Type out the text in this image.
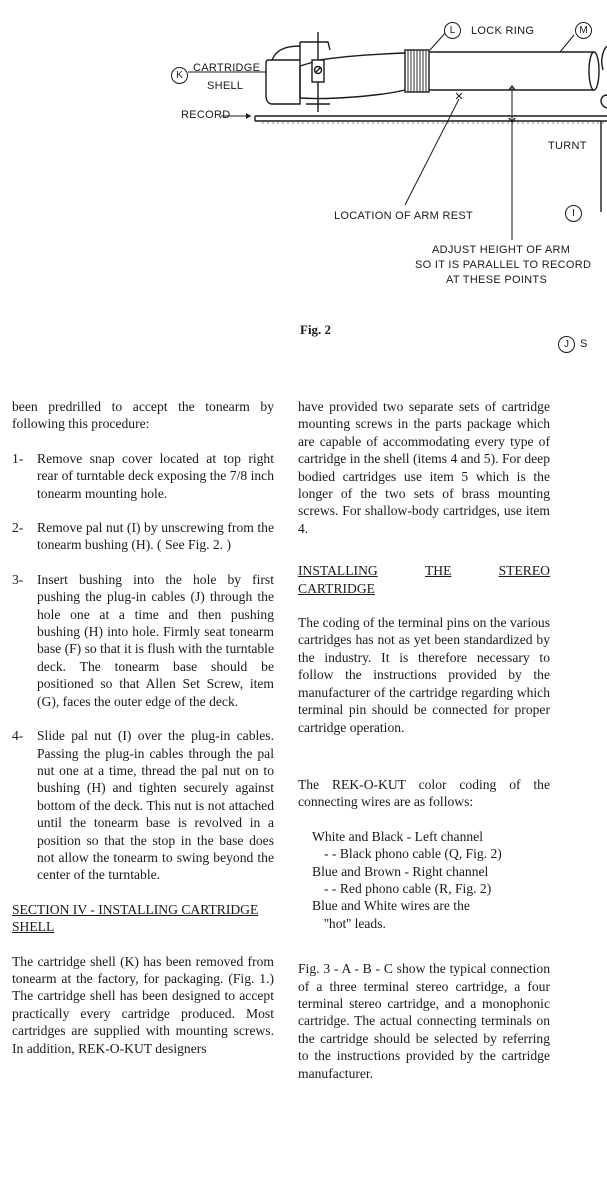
L	LOCK RING	M
K
CARTRIDGE
SHELL
RECORD
TURNT
LOCATION OF ARM REST	I
ADJUST HEIGHT OF ARM
SO IT IS PARALLEL TO RECORD
AT THESE POINTS
Fig. 2
J	S

been predrilled to accept the tonearm by following this procedure:

1-	Remove snap cover located at top right rear of turntable deck exposing the 7/8 inch tonearm mounting hole.
2-	Remove pal nut (I) by unscrewing from the tonearm bushing (H). ( See Fig. 2. )
3-	Insert bushing into the hole by first pushing the plug-in cables (J) through the hole one at a time and then pushing bushing (H) into hole. Firmly seat tonearm base (F) so that it is flush with the turntable deck. The tonearm base should be positioned so that Allen Set Screw, item (G), faces the outer edge of the deck.
4-	Slide pal nut (I) over the plug-in cables. Passing the plug-in cables through the pal nut one at a time, thread the pal nut on to bushing (H) and tighten securely against bottom of the deck. This nut is not attached until the tonearm base is revolved in a position so that the stop in the base does not allow the tonearm to swing beyond the center of the turntable.

SECTION IV - INSTALLING CARTRIDGE SHELL

The cartridge shell (K) has been removed from tonearm at the factory, for packaging. (Fig. 1.) The cartridge shell has been designed to accept practically every cartridge produced. Most cartridges are supplied with mounting screws. In addition, REK-O-KUT designers

have provided two separate sets of cartridge mounting screws in the parts package which are capable of accommodating every type of cartridge in the shell (items 4 and 5). For deep bodied cartridges use item 5 which is the longer of the two sets of brass mounting screws. For shallow-body cartridges, use item 4.

INSTALLING	THE	STEREO
CARTRIDGE

The coding of the terminal pins on the various cartridges has not as yet been standardized by the industry. It is therefore necessary to follow the instructions provided by the manufacturer of the cartridge regarding which terminal pin should be connected for proper cartridge operation.

The REK-O-KUT color coding of the connecting wires are as follows:

White and Black - Left channel
- - Black phono cable (Q, Fig. 2)
Blue and Brown - Right channel
- - Red phono cable (R, Fig. 2)
Blue and White wires are the
''hot'' leads.

Fig. 3 - A - B - C show the typical connection of a three terminal stereo cartridge, a four terminal stereo cartridge, and a monophonic cartridge. The actual connecting terminals on the cartridge should be selected by referring to the instructions provided by the cartridge manufacturer.
